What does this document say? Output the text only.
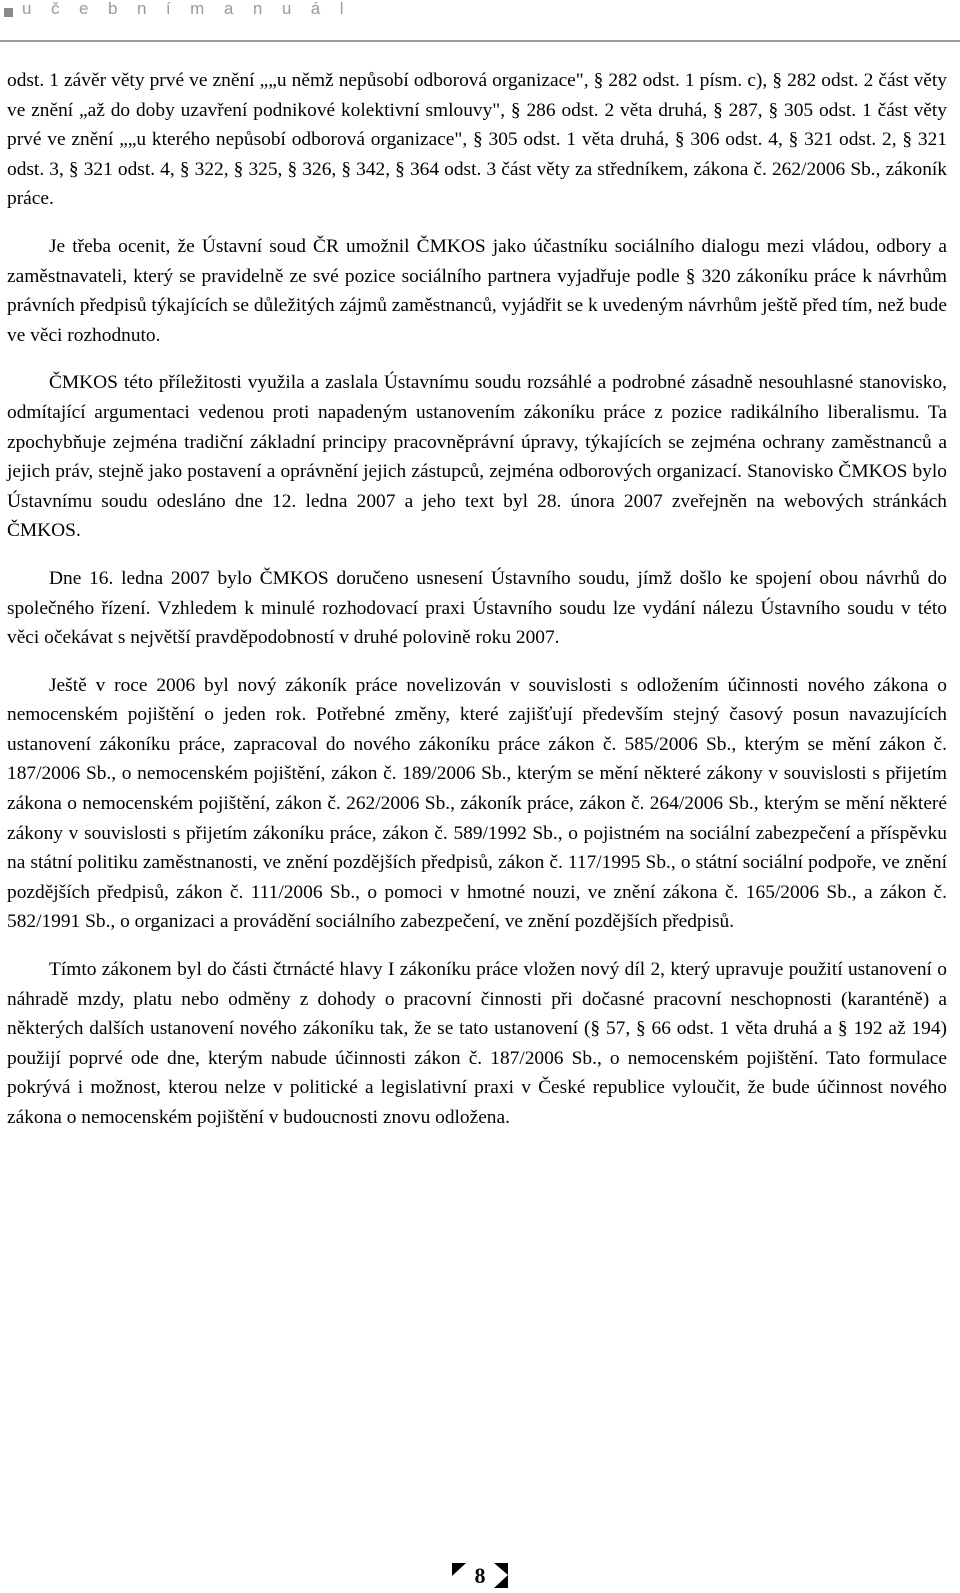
u č e b n í m a n u á l

odst. 1 závěr věty prvé ve znění „„u němž nepůsobí odborová organizace", § 282 odst. 1 písm. c), § 282 odst. 2 část věty ve znění „až do doby uzavření podnikové kolektivní smlouvy", § 286 odst. 2 věta druhá, § 287, § 305 odst. 1 část věty prvé ve znění „„u kterého nepůsobí odborová organizace", § 305 odst. 1 věta druhá, § 306 odst. 4, § 321 odst. 2, § 321 odst. 3, § 321 odst. 4, § 322, § 325, § 326, § 342, § 364 odst. 3 část věty za středníkem, zákona č. 262/2006 Sb., zákoník práce.

Je třeba ocenit, že Ústavní soud ČR umožnil ČMKOS jako účastníku sociálního dialogu mezi vládou, odbory a zaměstnavateli, který se pravidelně ze své pozice sociálního partnera vyjadřuje podle § 320 zákoníku práce k návrhům právních předpisů týkajících se důležitých zájmů zaměstnanců, vyjádřit se k uvedeným návrhům ještě před tím, než bude ve věci rozhodnuto.

ČMKOS této příležitosti využila a zaslala Ústavnímu soudu rozsáhlé a podrobné zásadně nesouhlasné stanovisko, odmítající argumentaci vedenou proti napadeným ustanovením zákoníku práce z pozice radikálního liberalismu. Ta zpochybňuje zejména tradiční základní principy pracovněprávní úpravy, týkajících se zejména ochrany zaměstnanců a jejich práv, stejně jako postavení a oprávnění jejich zástupců, zejména odborových organizací. Stanovisko ČMKOS bylo Ústavnímu soudu odesláno dne 12. ledna 2007 a jeho text byl 28. února 2007 zveřejněn na webových stránkách ČMKOS.

Dne 16. ledna 2007 bylo ČMKOS doručeno usnesení Ústavního soudu, jímž došlo ke spojení obou návrhů do společného řízení. Vzhledem k minulé rozhodovací praxi Ústavního soudu lze vydání nálezu Ústavního soudu v této věci očekávat s největší pravděpodobností v druhé polovině roku 2007.

Ještě v roce 2006 byl nový zákoník práce novelizován v souvislosti s odložením účinnosti nového zákona o nemocenském pojištění o jeden rok. Potřebné změny, které zajišťují především stejný časový posun navazujících ustanovení zákoníku práce, zapracoval do nového zákoníku práce zákon č. 585/2006 Sb., kterým se mění zákon č. 187/2006 Sb., o nemocenském pojištění, zákon č. 189/2006 Sb., kterým se mění některé zákony v souvislosti s přijetím zákona o nemocenském pojištění, zákon č. 262/2006 Sb., zákoník práce, zákon č. 264/2006 Sb., kterým se mění některé zákony v souvislosti s přijetím zákoníku práce, zákon č. 589/1992 Sb., o pojistném na sociální zabezpečení a příspěvku na státní politiku zaměstnanosti, ve znění pozdějších předpisů, zákon č. 117/1995 Sb., o státní sociální podpoře, ve znění pozdějších předpisů, zákon č. 111/2006 Sb., o pomoci v hmotné nouzi, ve znění zákona č. 165/2006 Sb., a zákon č. 582/1991 Sb., o organizaci a provádění sociálního zabezpečení, ve znění pozdějších předpisů.

Tímto zákonem byl do části čtrnácté hlavy I zákoníku práce vložen nový díl 2, který upravuje použití ustanovení o náhradě mzdy, platu nebo odměny z dohody o pracovní činnosti při dočasné pracovní neschopnosti (karanténě) a některých dalších ustanovení nového zákoníku tak, že se tato ustanovení (§ 57, § 66 odst. 1 věta druhá a § 192 až 194) použijí poprvé ode dne, kterým nabude účinnosti zákon č. 187/2006 Sb., o nemocenském pojištění. Tato formulace pokrývá i možnost, kterou nelze v politické a legislativní praxi v České republice vyloučit, že bude účinnost nového zákona o nemocenském pojištění v budoucnosti znovu odložena.

8
